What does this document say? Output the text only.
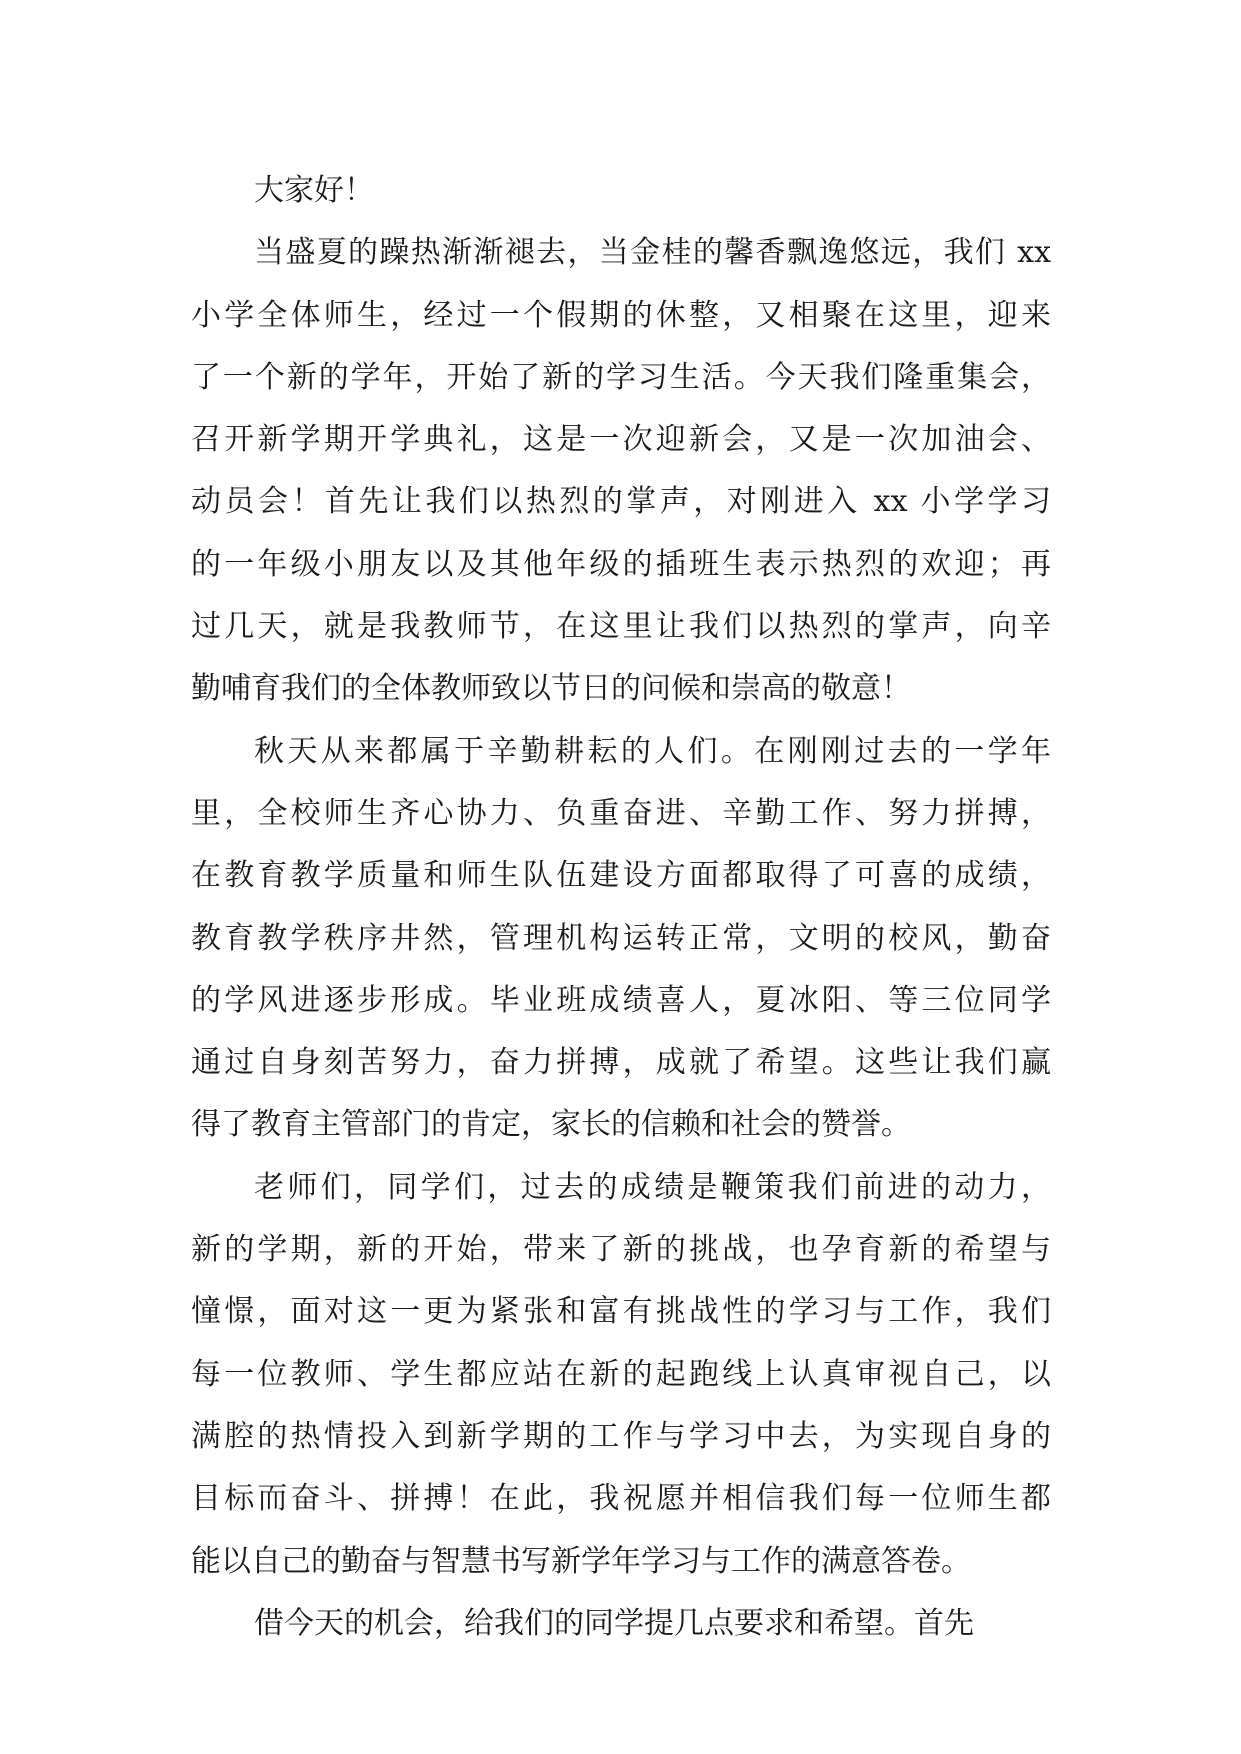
大家好！
当盛夏的躁热渐渐褪去，当金桂的馨香飘逸悠远，我们 xx
小学全体师生，经过一个假期的休整，又相聚在这里，迎来
了一个新的学年，开始了新的学习生活。今天我们隆重集会，
召开新学期开学典礼，这是一次迎新会，又是一次加油会、
动员会！首先让我们以热烈的掌声，对刚进入 xx 小学学习
的一年级小朋友以及其他年级的插班生表示热烈的欢迎；再
过几天，就是我教师节，在这里让我们以热烈的掌声，向辛
勤哺育我们的全体教师致以节日的问候和崇高的敬意！
秋天从来都属于辛勤耕耘的人们。在刚刚过去的一学年
里，全校师生齐心协力、负重奋进、辛勤工作、努力拼搏，
在教育教学质量和师生队伍建设方面都取得了可喜的成绩，
教育教学秩序井然，管理机构运转正常，文明的校风，勤奋
的学风进逐步形成。毕业班成绩喜人，夏冰阳、等三位同学
通过自身刻苦努力，奋力拼搏，成就了希望。这些让我们赢
得了教育主管部门的肯定，家长的信赖和社会的赞誉。
老师们，同学们，过去的成绩是鞭策我们前进的动力，
新的学期，新的开始，带来了新的挑战，也孕育新的希望与
憧憬，面对这一更为紧张和富有挑战性的学习与工作，我们
每一位教师、学生都应站在新的起跑线上认真审视自己，以
满腔的热情投入到新学期的工作与学习中去，为实现自身的
目标而奋斗、拼搏！在此，我祝愿并相信我们每一位师生都
能以自己的勤奋与智慧书写新学年学习与工作的满意答卷。
借今天的机会，给我们的同学提几点要求和希望。首先
